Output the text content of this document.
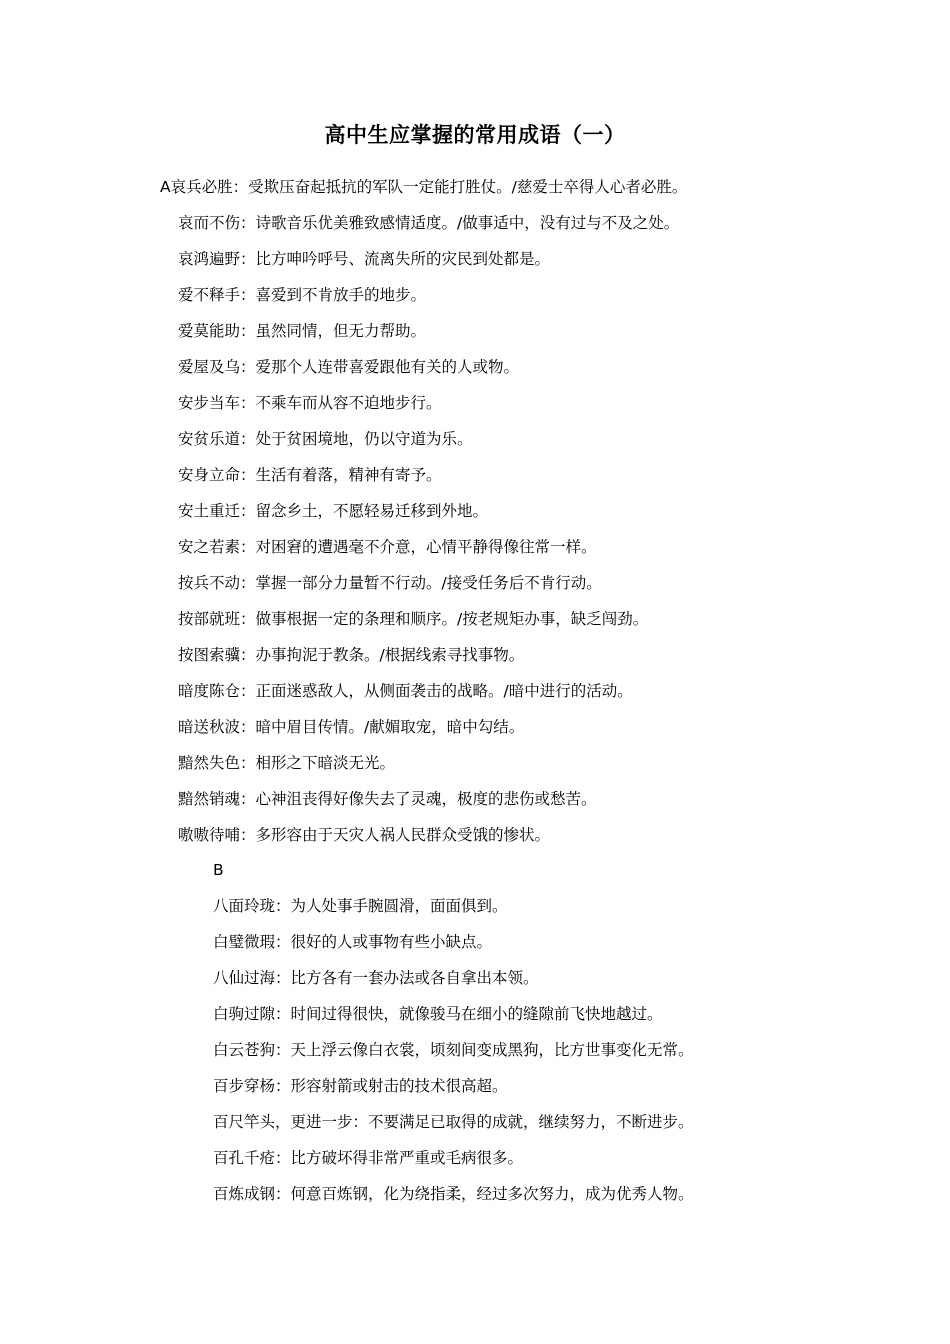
高中生应掌握的常用成语（一）
A哀兵必胜：受欺压奋起抵抗的军队一定能打胜仗。/慈爱士卒得人心者必胜。
哀而不伤：诗歌音乐优美雅致感情适度。/做事适中，没有过与不及之处。
哀鸿遍野：比方呻吟呼号、流离失所的灾民到处都是。
爱不释手：喜爱到不肯放手的地步。
爱莫能助：虽然同情，但无力帮助。
爱屋及乌：爱那个人连带喜爱跟他有关的人或物。
安步当车：不乘车而从容不迫地步行。
安贫乐道：处于贫困境地，仍以守道为乐。
安身立命：生活有着落，精神有寄予。
安土重迁：留念乡土，不愿轻易迁移到外地。
安之若素：对困窘的遭遇毫不介意，心情平静得像往常一样。
按兵不动：掌握一部分力量暂不行动。/接受任务后不肯行动。
按部就班：做事根据一定的条理和顺序。/按老规矩办事，缺乏闯劲。
按图索骥：办事拘泥于教条。/根据线索寻找事物。
暗度陈仓：正面迷惑敌人，从侧面袭击的战略。/暗中进行的活动。
暗送秋波：暗中眉目传情。/献媚取宠，暗中勾结。
黯然失色：相形之下暗淡无光。
黯然销魂：心神沮丧得好像失去了灵魂，极度的悲伤或愁苦。
嗷嗷待哺：多形容由于天灾人祸人民群众受饿的惨状。
B
八面玲珑：为人处事手腕圆滑，面面俱到。
白璧微瑕：很好的人或事物有些小缺点。
八仙过海：比方各有一套办法或各自拿出本领。
白驹过隙：时间过得很快，就像骏马在细小的缝隙前飞快地越过。
白云苍狗：天上浮云像白衣裳，顷刻间变成黑狗，比方世事变化无常。
百步穿杨：形容射箭或射击的技术很高超。
百尺竿头，更进一步：不要满足已取得的成就，继续努力，不断进步。
百孔千疮：比方破坏得非常严重或毛病很多。
百炼成钢：何意百炼钢，化为绕指柔，经过多次努力，成为优秀人物。
